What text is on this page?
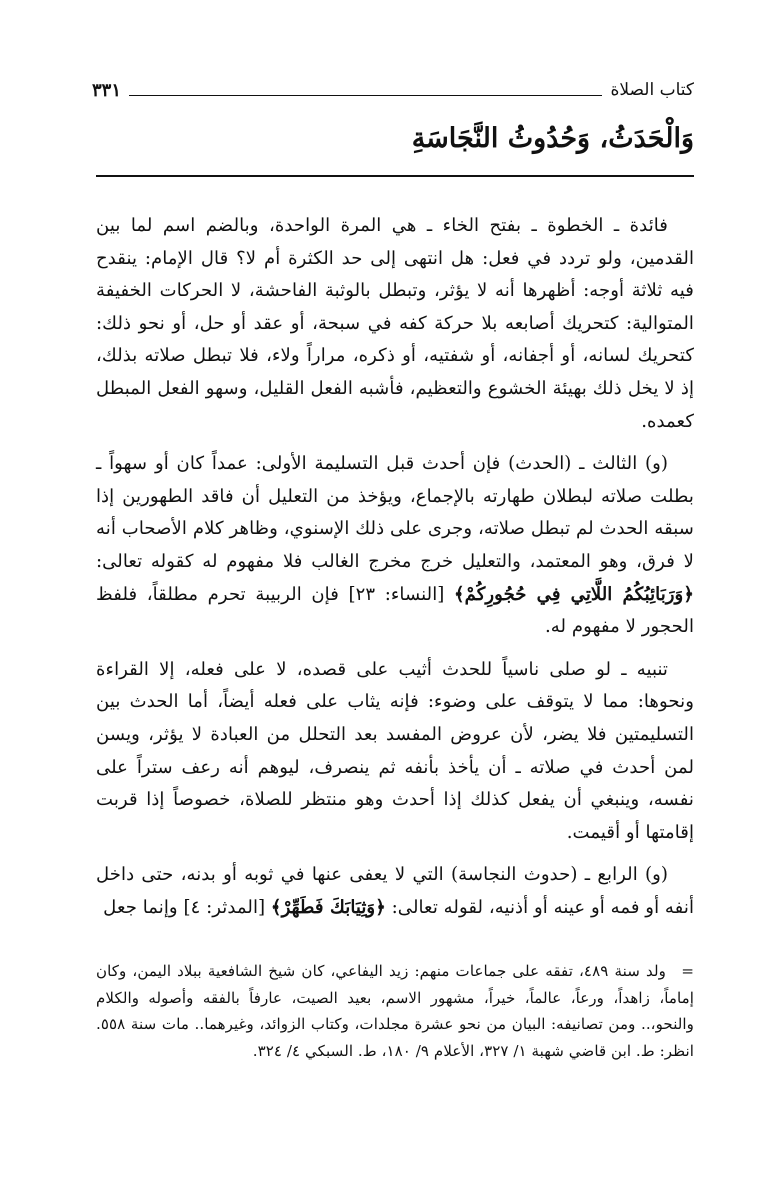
كتاب الصلاة
٣٣١
وَالْحَدَثُ، وَحُدُوثُ النَّجَاسَةِ

فائدة ـ الخطوة ـ بفتح الخاء ـ هي المرة الواحدة، وبالضم اسم لما بين القدمين، ولو تردد في فعل: هل انتهى إلى حد الكثرة أم لا؟ قال الإمام: ينقدح فيه ثلاثة أوجه: أظهرها أنه لا يؤثر، وتبطل بالوثبة الفاحشة، لا الحركات الخفيفة المتوالية: كتحريك أصابعه بلا حركة كفه في سبحة، أو عقد أو حل، أو نحو ذلك: كتحريك لسانه، أو أجفانه، أو شفتيه، أو ذكره، مراراً ولاء، فلا تبطل صلاته بذلك، إذ لا يخل ذلك بهيئة الخشوع والتعظيم، فأشبه الفعل القليل، وسهو الفعل المبطل كعمده.

(و) الثالث ـ (الحدث) فإن أحدث قبل التسليمة الأولى: عمداً كان أو سهواً ـ بطلت صلاته لبطلان طهارته بالإجماع، ويؤخذ من التعليل أن فاقد الطهورين إذا سبقه الحدث لم تبطل صلاته، وجرى على ذلك الإسنوي، وظاهر كلام الأصحاب أنه لا فرق، وهو المعتمد، والتعليل خرج مخرج الغالب فلا مفهوم له كقوله تعالى: ﴿وَرَبَائِبُكُمُ اللَّاتِي فِي حُجُورِكُمْ﴾ [النساء: ٢٣] فإن الربيبة تحرم مطلقاً، فلفظ الحجور لا مفهوم له.

تنبيه ـ لو صلى ناسياً للحدث أثيب على قصده، لا على فعله، إلا القراءة ونحوها: مما لا يتوقف على وضوء: فإنه يثاب على فعله أيضاً، أما الحدث بين التسليمتين فلا يضر، لأن عروض المفسد بعد التحلل من العبادة لا يؤثر، ويسن لمن أحدث في صلاته ـ أن يأخذ بأنفه ثم ينصرف، ليوهم أنه رعف ستراً على نفسه، وينبغي أن يفعل كذلك إذا أحدث وهو منتظر للصلاة، خصوصاً إذا قربت إقامتها أو أقيمت.

(و) الرابع ـ (حدوث النجاسة) التي لا يعفى عنها في ثوبه أو بدنه، حتى داخل أنفه أو فمه أو عينه أو أذنيه، لقوله تعالى: ﴿وَثِيَابَكَ فَطَهِّرْ﴾ [المدثر: ٤] وإنما جعل

= ولد سنة ٤٨٩، تفقه على جماعات منهم: زيد اليفاعي، كان شيخ الشافعية ببلاد اليمن، وكان إماماً، زاهداً، ورعاً، عالماً، خيراً، مشهور الاسم، بعيد الصيت، عارفاً بالفقه وأصوله والكلام والنحو،.. ومن تصانيفه: البيان من نحو عشرة مجلدات، وكتاب الزوائد، وغيرهما.. مات سنة ٥٥٨. انظر: ط. ابن قاضي شهبة ١/ ٣٢٧، الأعلام ٩/ ١٨٠، ط. السبكي ٤/ ٣٢٤.
